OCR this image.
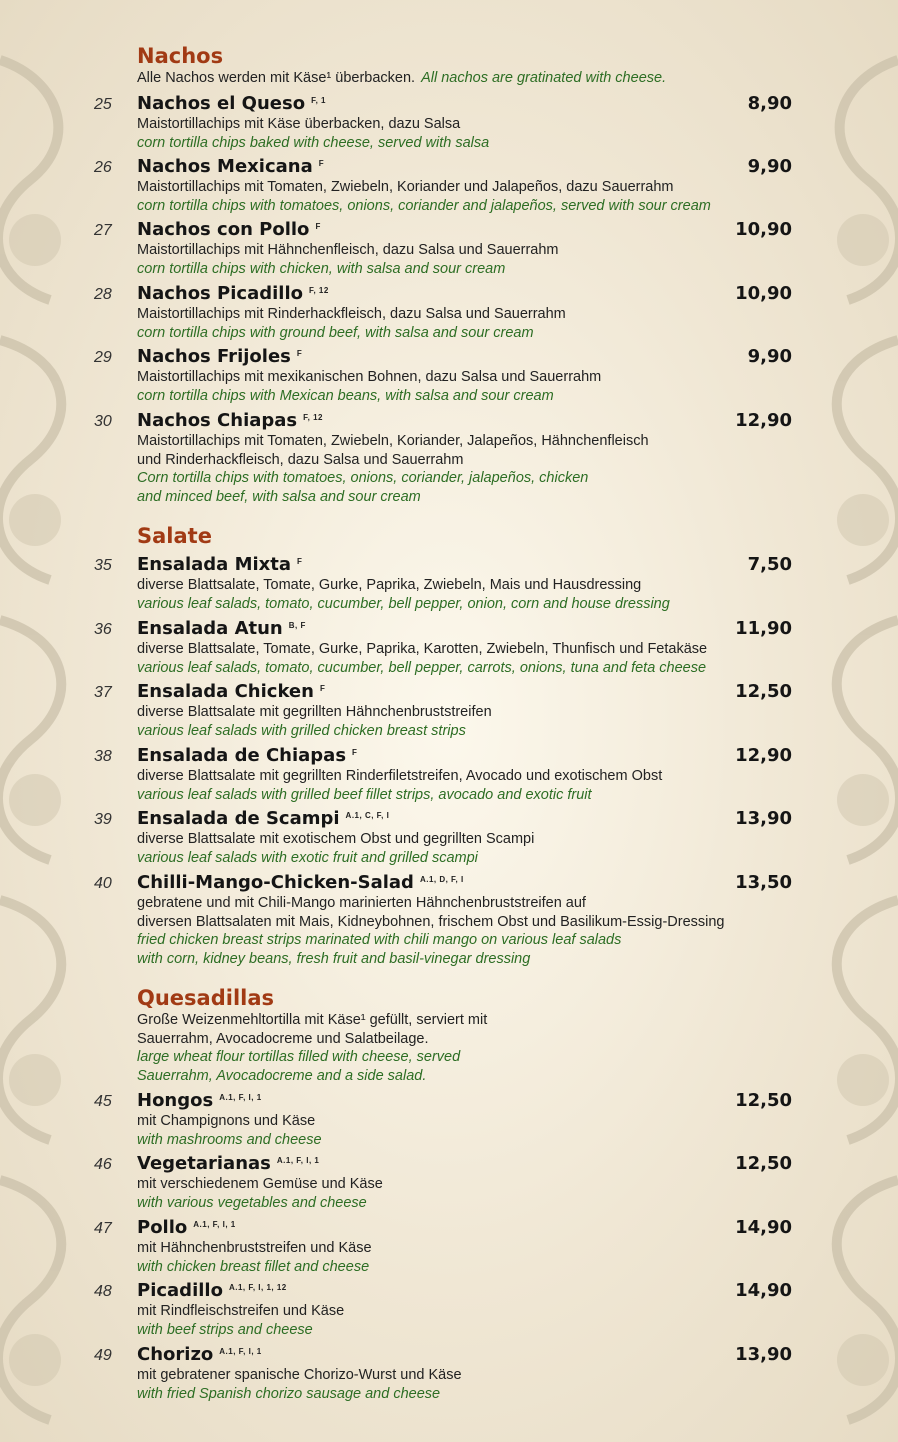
Nachos
Alle Nachos werden mit Käse¹ überbacken. All nachos are gratinated with cheese.
25 Nachos el Queso $^{F, 1}$	8,90
Maistortillachips mit Käse überbacken, dazu Salsa
corn tortilla chips baked with cheese, served with salsa
26 Nachos Mexicana $^F$	9,90
Maistortillachips mit Tomaten, Zwiebeln, Koriander und Jalapeños, dazu Sauerrahm
corn tortilla chips with tomatoes, onions, coriander and jalapeños, served with sour cream
27 Nachos con Pollo $^F$	10,90
Maistortillachips mit Hähnchenfleisch, dazu Salsa und Sauerrahm
corn tortilla chips with chicken, with salsa and sour cream
28 Nachos Picadillo $^{F, 12}$	10,90
Maistortillachips mit Rinderhackfleisch, dazu Salsa und Sauerrahm
corn tortilla chips with ground beef, with salsa and sour cream
29 Nachos Frijoles $^F$	9,90
Maistortillachips mit mexikanischen Bohnen, dazu Salsa und Sauerrahm
corn tortilla chips with Mexican beans, with salsa and sour cream
30 Nachos Chiapas $^{F, 12}$	12,90
Maistortillachips mit Tomaten, Zwiebeln, Koriander, Jalapeños, Hähnchenfleisch
und Rinderhackfleisch, dazu Salsa und Sauerrahm
Corn tortilla chips with tomatoes, onions, coriander, jalapeños, chicken
and minced beef, with salsa and sour cream
Salate
35 Ensalada Mixta $^F$	7,50
diverse Blattsalate, Tomate, Gurke, Paprika, Zwiebeln, Mais und Hausdressing
various leaf salads, tomato, cucumber, bell pepper, onion, corn and house dressing
36 Ensalada Atun $^{B, F}$	11,90
diverse Blattsalate, Tomate, Gurke, Paprika, Karotten, Zwiebeln, Thunfisch und Fetakäse
various leaf salads, tomato, cucumber, bell pepper, carrots, onions, tuna and feta cheese
37 Ensalada Chicken $^F$	12,50
diverse Blattsalate mit gegrillten Hähnchenbruststreifen
various leaf salads with grilled chicken breast strips
38 Ensalada de Chiapas $^F$	12,90
diverse Blattsalate mit gegrillten Rinderfiletstreifen, Avocado und exotischem Obst
various leaf salads with grilled beef fillet strips, avocado and exotic fruit
39 Ensalada de Scampi $^{A.1, C, F, I}$	13,90
diverse Blattsalate mit exotischem Obst und gegrillten Scampi
various leaf salads with exotic fruit and grilled scampi
40 Chilli-Mango-Chicken-Salad $^{A.1, D, F, I}$	13,50
gebratene und mit Chili-Mango marinierten Hähnchenbruststreifen auf
diversen Blattsalaten mit Mais, Kidneybohnen, frischem Obst und Basilikum-Essig-Dressing
fried chicken breast strips marinated with chili mango on various leaf salads
with corn, kidney beans, fresh fruit and basil-vinegar dressing
Quesadillas
Große Weizenmehltortilla mit Käse¹ gefüllt, serviert mit
Sauerrahm, Avocadocreme und Salatbeilage.
large wheat flour tortillas filled with cheese, served
Sauerrahm, Avocadocreme and a side salad.
45 Hongos $^{A.1, F, I, 1}$	12,50
mit Champignons und Käse
with mashrooms and cheese
46 Vegetarianas $^{A.1, F, I, 1}$	12,50
mit verschiedenem Gemüse und Käse
with various vegetables and cheese
47 Pollo $^{A.1, F, I, 1}$	14,90
mit Hähnchenbruststreifen und Käse
with chicken breast fillet and cheese
48 Picadillo $^{A.1, F, I, 1, 12}$	14,90
mit Rindfleischstreifen und Käse
with beef strips and cheese
49 Chorizo $^{A.1, F, I, 1}$	13,90
mit gebratener spanische Chorizo-Wurst und Käse
with fried Spanish chorizo sausage and cheese
